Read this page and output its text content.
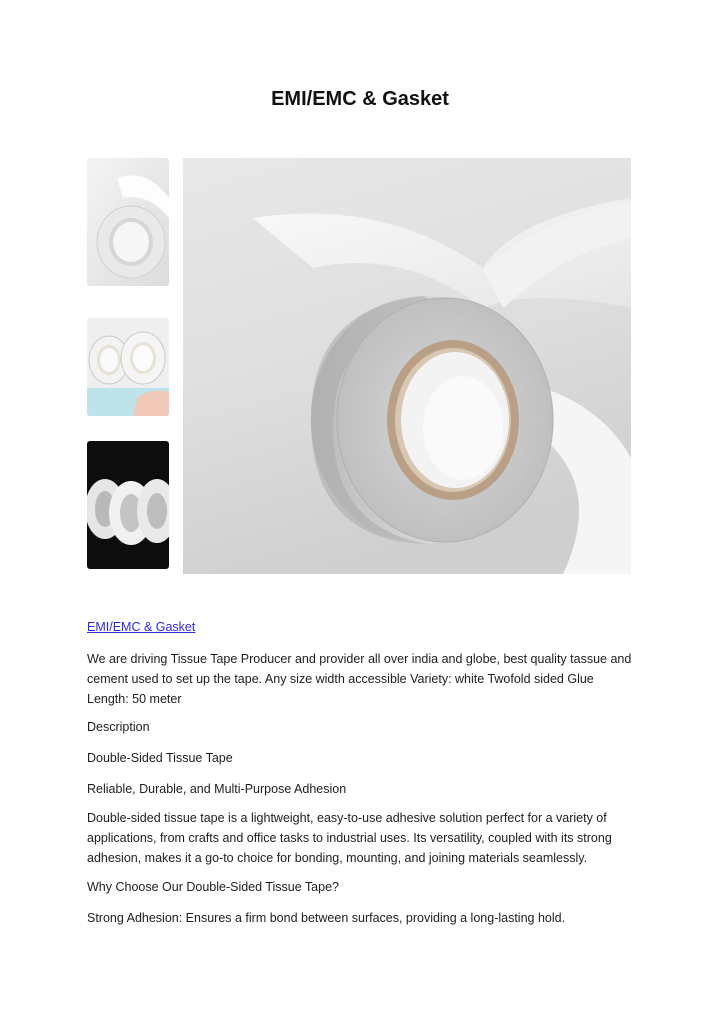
EMI/EMC & Gasket
EMI/EMC & Gasket
We are driving Tissue Tape Producer and provider all over india and globe, best quality tassue and cement used to set up the tape. Any size width accessible Variety: white Twofold sided Glue Length: 50 meter
Description
Double-Sided Tissue Tape
Reliable, Durable, and Multi-Purpose Adhesion
Double-sided tissue tape is a lightweight, easy-to-use adhesive solution perfect for a variety of applications, from crafts and office tasks to industrial uses. Its versatility, coupled with its strong adhesion, makes it a go-to choice for bonding, mounting, and joining materials seamlessly.
Why Choose Our Double-Sided Tissue Tape?
Strong Adhesion: Ensures a firm bond between surfaces, providing a long-lasting hold.
